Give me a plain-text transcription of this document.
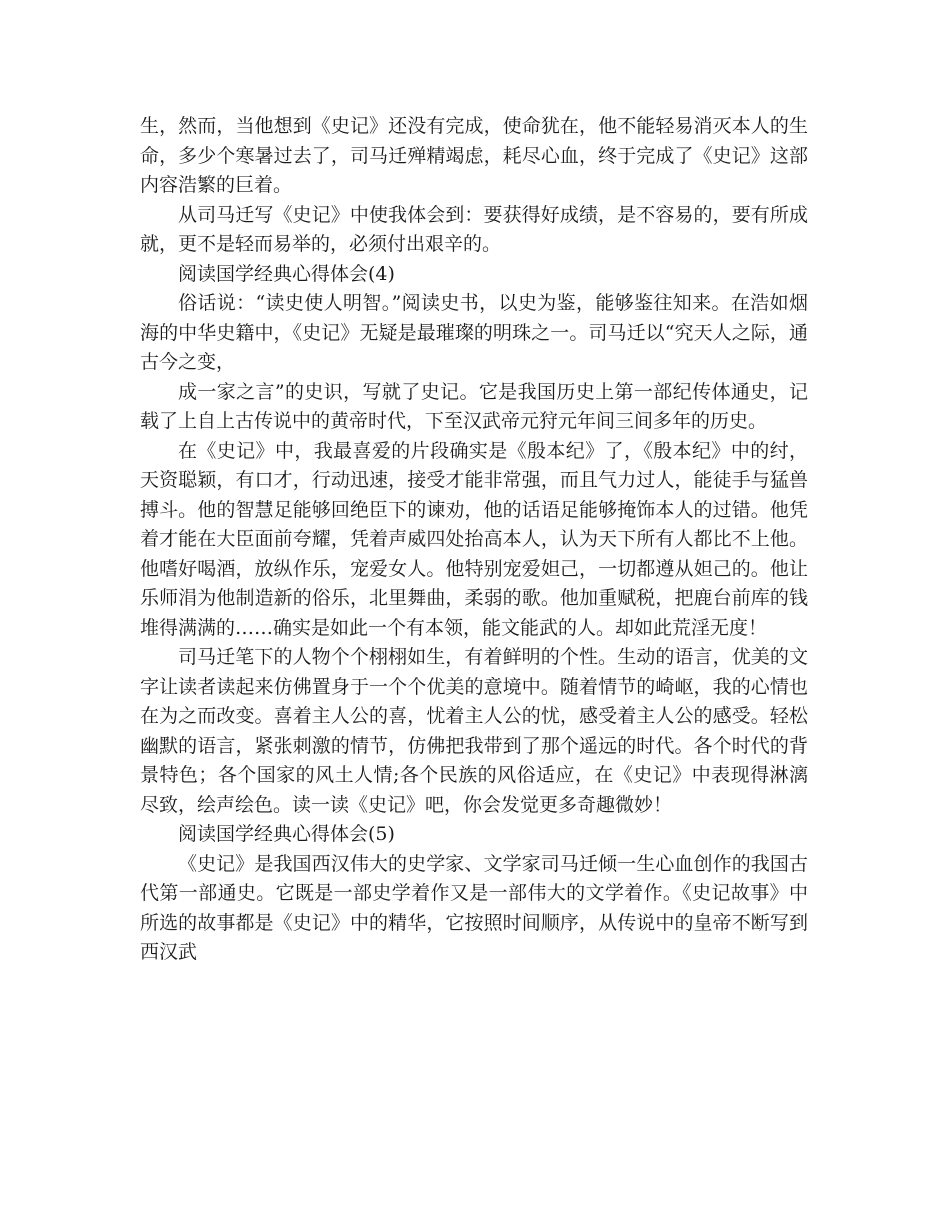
生，然而，当他想到《史记》还没有完成，使命犹在，他不能轻易消灭本人的生命，多少个寒暑过去了，司马迁殚精竭虑，耗尽心血，终于完成了《史记》这部内容浩繁的巨着。

从司马迁写《史记》中使我体会到：要获得好成绩，是不容易的，要有所成就，更不是轻而易举的，必须付出艰辛的。

阅读国学经典心得体会(4)

俗话说：“读史使人明智。”阅读史书，以史为鉴，能够鉴往知来。在浩如烟海的中华史籍中，《史记》无疑是最璀璨的明珠之一。司马迁以“究天人之际，通古今之变，

成一家之言”的史识，写就了史记。它是我国历史上第一部纪传体通史，记载了上自上古传说中的黄帝时代，下至汉武帝元狩元年间三间多年的历史。

在《史记》中，我最喜爱的片段确实是《殷本纪》了，《殷本纪》中的纣，天资聪颖，有口才，行动迅速，接受才能非常强，而且气力过人，能徒手与猛兽搏斗。他的智慧足能够回绝臣下的谏劝，他的话语足能够掩饰本人的过错。他凭着才能在大臣面前夸耀，凭着声威四处抬高本人，认为天下所有人都比不上他。他嗜好喝酒，放纵作乐，宠爱女人。他特别宠爱妲己，一切都遵从妲己的。他让乐师涓为他制造新的俗乐，北里舞曲，柔弱的歌。他加重赋税，把鹿台前库的钱堆得满满的……确实是如此一个有本领，能文能武的人。却如此荒淫无度！

司马迁笔下的人物个个栩栩如生，有着鲜明的个性。生动的语言，优美的文字让读者读起来仿佛置身于一个个优美的意境中。随着情节的崎岖，我的心情也在为之而改变。喜着主人公的喜，忧着主人公的忧，感受着主人公的感受。轻松幽默的语言，紧张刺激的情节，仿佛把我带到了那个遥远的时代。各个时代的背景特色；各个国家的风土人情;各个民族的风俗适应，在《史记》中表现得淋漓尽致，绘声绘色。读一读《史记》吧，你会发觉更多奇趣微妙！

阅读国学经典心得体会(5)

《史记》是我国西汉伟大的史学家、文学家司马迁倾一生心血创作的我国古代第一部通史。它既是一部史学着作又是一部伟大的文学着作。《史记故事》中所选的故事都是《史记》中的精华，它按照时间顺序，从传说中的皇帝不断写到西汉武
